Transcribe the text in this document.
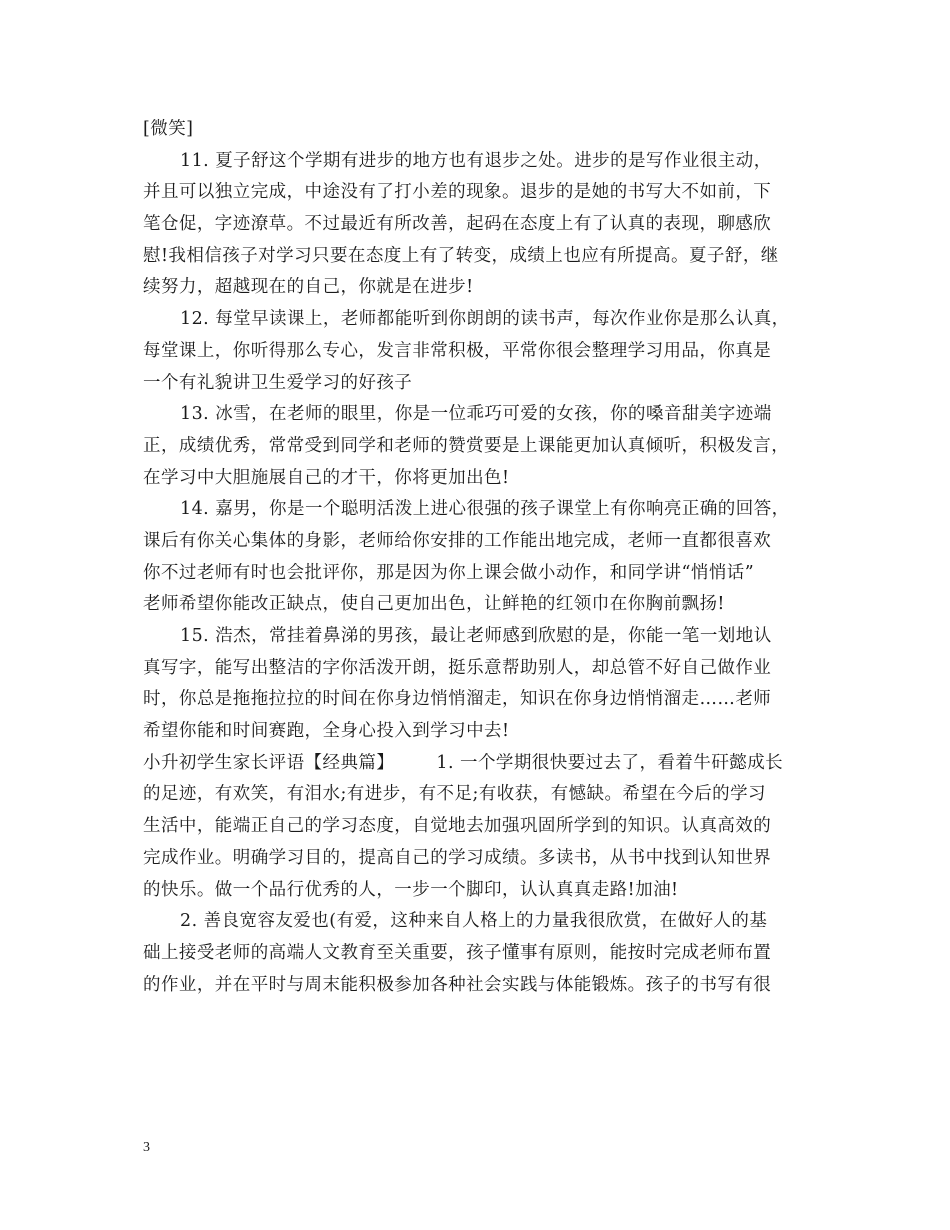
[微笑]
11. 夏子舒这个学期有进步的地方也有退步之处。进步的是写作业很主动，
并且可以独立完成，中途没有了打小差的现象。退步的是她的书写大不如前，下
笔仓促，字迹潦草。不过最近有所改善，起码在态度上有了认真的表现，聊感欣
慰!我相信孩子对学习只要在态度上有了转变，成绩上也应有所提高。夏子舒，继
续努力，超越现在的自己，你就是在进步!
12. 每堂早读课上，老师都能听到你朗朗的读书声，每次作业你是那么认真，
每堂课上，你听得那么专心，发言非常积极，平常你很会整理学习用品，你真是
一个有礼貌讲卫生爱学习的好孩子
13. 冰雪，在老师的眼里，你是一位乖巧可爱的女孩，你的嗓音甜美字迹端
正，成绩优秀，常常受到同学和老师的赞赏要是上课能更加认真倾听，积极发言，
在学习中大胆施展自己的才干，你将更加出色!
14. 嘉男，你是一个聪明活泼上进心很强的孩子课堂上有你响亮正确的回答，
课后有你关心集体的身影，老师给你安排的工作能出地完成，老师一直都很喜欢
你不过老师有时也会批评你，那是因为你上课会做小动作，和同学讲“悄悄话”
老师希望你能改正缺点，使自己更加出色，让鲜艳的红领巾在你胸前飘扬!
15. 浩杰，常挂着鼻涕的男孩，最让老师感到欣慰的是，你能一笔一划地认
真写字，能写出整洁的字你活泼开朗，挺乐意帮助别人，却总管不好自己做作业
时，你总是拖拖拉拉的时间在你身边悄悄溜走，知识在你身边悄悄溜走……老师
希望你能和时间赛跑，全身心投入到学习中去!
小升初学生家长评语【经典篇】       1. 一个学期很快要过去了，看着牛矸懿成长
的足迹，有欢笑，有泪水;有进步，有不足;有收获，有憾缺。希望在今后的学习
生活中，能端正自己的学习态度，自觉地去加强巩固所学到的知识。认真高效的
完成作业。明确学习目的，提高自己的学习成绩。多读书，从书中找到认知世界
的快乐。做一个品行优秀的人，一步一个脚印，认认真真走路!加油!
2. 善良宽容友爱也(有爱，这种来自人格上的力量我很欣赏，在做好人的基
础上接受老师的高端人文教育至关重要，孩子懂事有原则，能按时完成老师布置
的作业，并在平时与周末能积极参加各种社会实践与体能锻炼。孩子的书写有很
3
